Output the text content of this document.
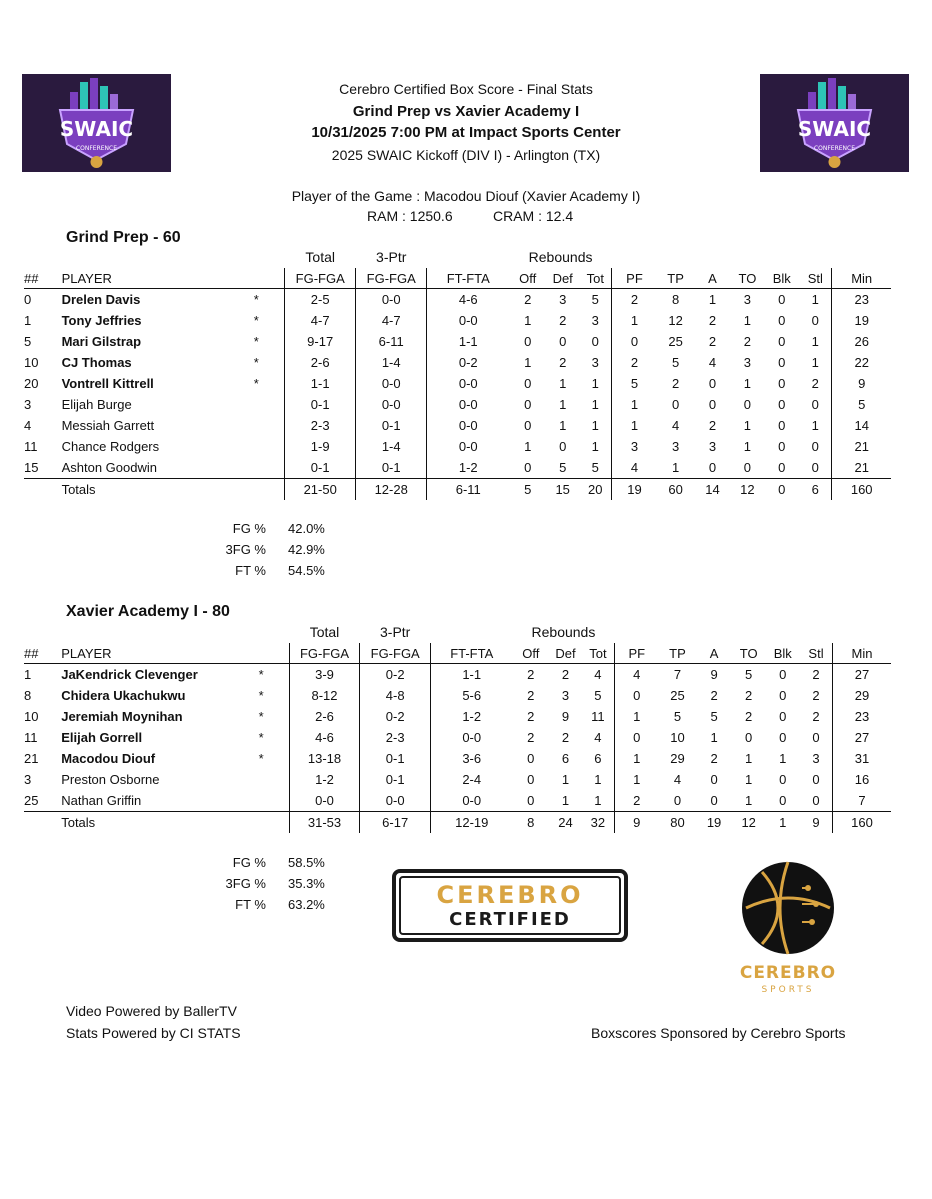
SWAIC
CONFERENCE
SWAIC
CONFERENCE
Cerebro Certified Box Score - Final Stats
Grind Prep vs Xavier Academy I
10/31/2025 7:00 PM at Impact Sports Center
2025 SWAIC Kickoff (DIV I) - Arlington (TX)
Player of the Game : Macodou Diouf (Xavier Academy I)
RAM : 1250.6	CRAM : 12.4
Grind Prep - 60
			Total	3-Ptr		Rebounds									
##	PLAYER		FG-FGA	FG-FGA	FT-FTA	Off	Def	Tot	PF	TP	A	TO	Blk	Stl	Min
0	Drelen Davis	*	2-5	0-0	4-6	2	3	5	2	8	1	3	0	1	23
1	Tony Jeffries	*	4-7	4-7	0-0	1	2	3	1	12	2	1	0	0	19
5	Mari Gilstrap	*	9-17	6-11	1-1	0	0	0	0	25	2	2	0	1	26
10	CJ Thomas	*	2-6	1-4	0-2	1	2	3	2	5	4	3	0	1	22
20	Vontrell Kittrell	*	1-1	0-0	0-0	0	1	1	5	2	0	1	0	2	9
3	Elijah Burge		0-1	0-0	0-0	0	1	1	1	0	0	0	0	0	5
4	Messiah Garrett		2-3	0-1	0-0	0	1	1	1	4	2	1	0	1	14
11	Chance Rodgers		1-9	1-4	0-0	1	0	1	3	3	3	1	0	0	21
15	Ashton Goodwin		0-1	0-1	1-2	0	5	5	4	1	0	0	0	0	21
	Totals		21-50	12-28	6-11	5	15	20	19	60	14	12	0	6	160
FG % 42.0%
3FG % 42.9%
FT % 54.5%
Xavier Academy I - 80
			Total	3-Ptr		Rebounds									
##	PLAYER		FG-FGA	FG-FGA	FT-FTA	Off	Def	Tot	PF	TP	A	TO	Blk	Stl	Min
1	JaKendrick Clevenger	*	3-9	0-2	1-1	2	2	4	4	7	9	5	0	2	27
8	Chidera Ukachukwu	*	8-12	4-8	5-6	2	3	5	0	25	2	2	0	2	29
10	Jeremiah Moynihan	*	2-6	0-2	1-2	2	9	11	1	5	5	2	0	2	23
11	Elijah Gorrell	*	4-6	2-3	0-0	2	2	4	0	10	1	0	0	0	27
21	Macodou Diouf	*	13-18	0-1	3-6	0	6	6	1	29	2	1	1	3	31
3	Preston Osborne		1-2	0-1	2-4	0	1	1	1	4	0	1	0	0	16
25	Nathan Griffin		0-0	0-0	0-0	0	1	1	2	0	0	1	0	0	7
	Totals		31-53	6-17	12-19	8	24	32	9	80	19	12	1	9	160
FG % 58.5%
3FG % 35.3%
FT % 63.2%	CEREBRO
CERTIFIED
CEREBRO
SPORTS
Video Powered by BallerTV
Stats Powered by CI STATS	Boxscores Sponsored by Cerebro Sports
